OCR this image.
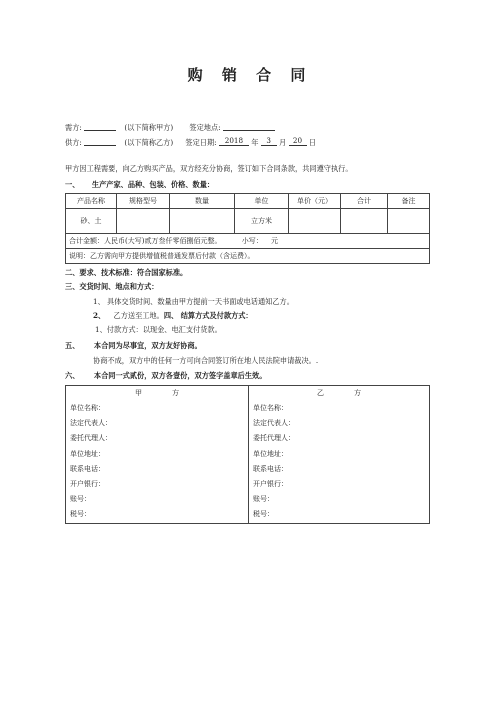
购 销 合 同
需方:	(以下简称甲方) 签定地点:
供方:	(以下简称乙方) 签定日期: 2018 年 3 月 20 日
甲方因工程需要，向乙方购买产品，双方经充分协商，签订如下合同条款，共同遵守执行。
一、 生产产家、品种、包装、价格、数量：
产品名称	规格型号	数量	单位	单价（元）	合计	备注
砂、土			立方米			
合计金额：人民币(大写)贰万叁仟零佰捌佰元整。 小写： 元						
说明：乙方需向甲方提供增值税普通发票后付款（含运费）。						
二、要求、技术标准：符合国家标准。
三、交货时间、地点和方式：
1、 具体交货时间、数量由甲方提前一天书面或电话通知乙方。
2、 乙方送至工地。四、 结算方式及付款方式：
1、付款方式：以现金、电汇支付货款。
五、 本合同为尽事宜，双方友好协商。
协商不成，双方中的任何一方可向合同签订所在地人民法院申请裁决。.
六、 本合同一式贰份，双方各壹份，双方签字盖章后生效。
甲方
单位名称：
法定代表人：
委托代理人：
单位地址：
联系电话：
开户银行：
账号：
税号：

乙方
单位名称：
法定代表人：
委托代理人：
单位地址：
联系电话：
开户银行：
账号：
税号：
